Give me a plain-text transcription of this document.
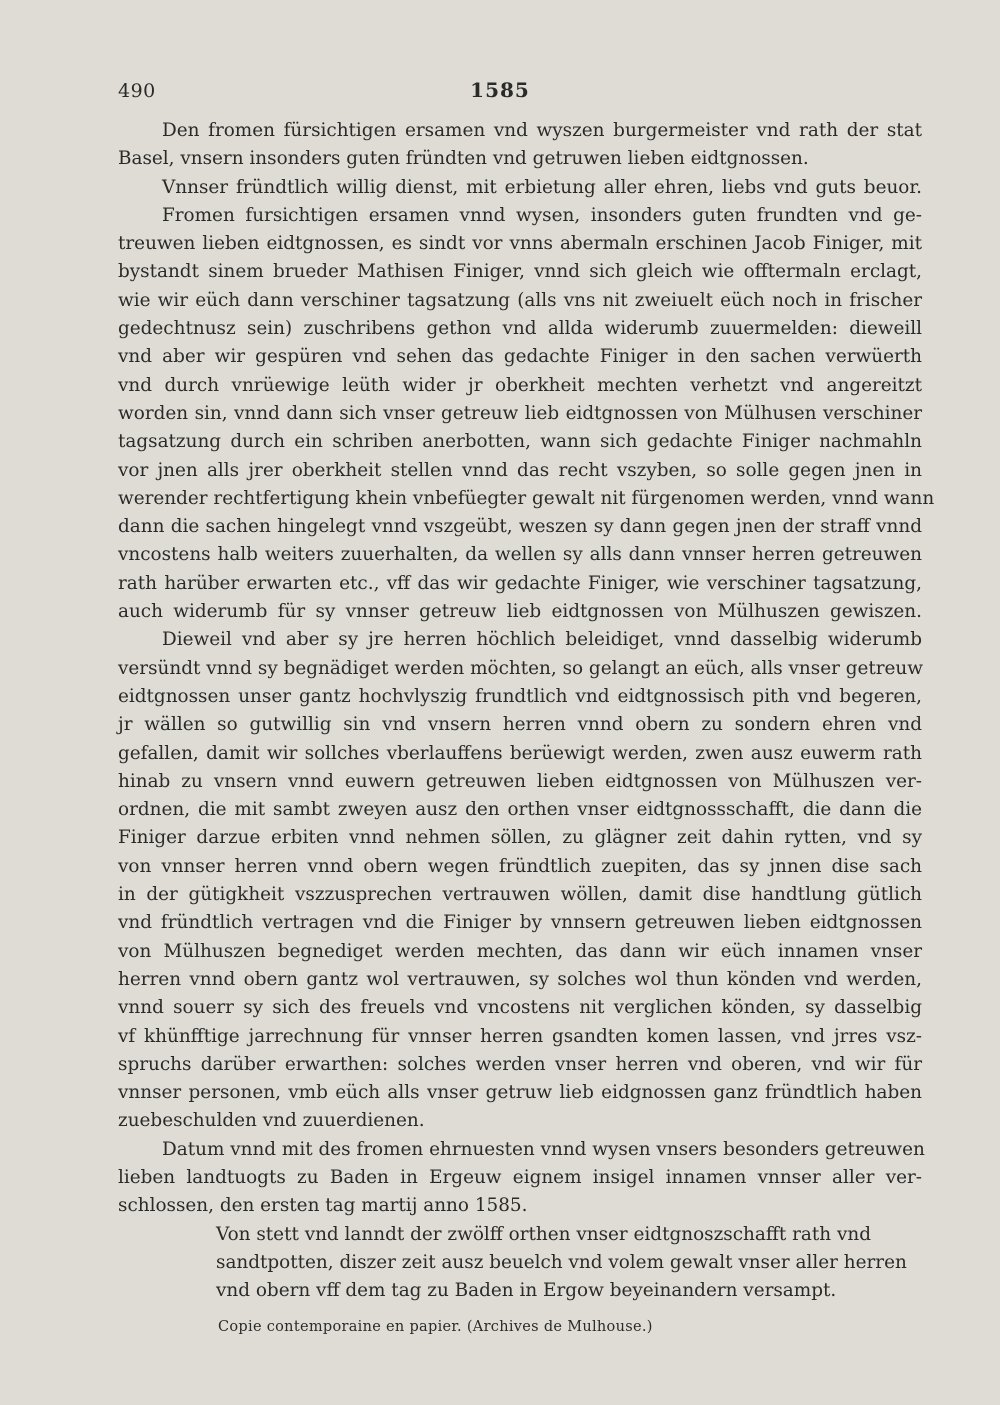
490	1585
Den fromen fürsichtigen ersamen vnd wyszen burgermeister vnd rath der stat
Basel, vnsern insonders guten fründten vnd getruwen lieben eidtgnossen.
Vnnser fründtlich willig dienst, mit erbietung aller ehren, liebs vnd guts beuor.
Fromen fursichtigen ersamen vnnd wysen, insonders guten frundten vnd ge-
treuwen lieben eidtgnossen, es sindt vor vnns abermaln erschinen Jacob Finiger, mit
bystandt sinem brueder Mathisen Finiger, vnnd sich gleich wie offtermaln erclagt,
wie wir eüch dann verschiner tagsatzung (alls vns nit zweiuelt eüch noch in frischer
gedechtnusz sein) zuschribens gethon vnd allda widerumb zuuermelden: dieweill
vnd aber wir gespüren vnd sehen das gedachte Finiger in den sachen verwüerth
vnd durch vnrüewige leüth wider jr oberkheit mechten verhetzt vnd angereitzt
worden sin, vnnd dann sich vnser getreuw lieb eidtgnossen von Mülhusen verschiner
tagsatzung durch ein schriben anerbotten, wann sich gedachte Finiger nachmahln
vor jnen alls jrer oberkheit stellen vnnd das recht vszyben, so solle gegen jnen in
werender rechtfertigung khein vnbefüegter gewalt nit fürgenomen werden, vnnd wann
dann die sachen hingelegt vnnd vszgeübt, weszen sy dann gegen jnen der straff vnnd
vncostens halb weiters zuuerhalten, da wellen sy alls dann vnnser herren getreuwen
rath harüber erwarten etc., vff das wir gedachte Finiger, wie verschiner tagsatzung,
auch widerumb für sy vnnser getreuw lieb eidtgnossen von Mülhuszen gewiszen.
Dieweil vnd aber sy jre herren höchlich beleidiget, vnnd dasselbig widerumb
versündt vnnd sy begnädiget werden möchten, so gelangt an eüch, alls vnser getreuw
eidtgnossen unser gantz hochvlyszig frundtlich vnd eidtgnossisch pith vnd begeren,
jr wällen so gutwillig sin vnd vnsern herren vnnd obern zu sondern ehren vnd
gefallen, damit wir sollches vberlauffens berüewigt werden, zwen ausz euwerm rath
hinab zu vnsern vnnd euwern getreuwen lieben eidtgnossen von Mülhuszen ver-
ordnen, die mit sambt zweyen ausz den orthen vnser eidtgnossschafft, die dann die
Finiger darzue erbiten vnnd nehmen söllen, zu glägner zeit dahin rytten, vnd sy
von vnnser herren vnnd obern wegen fründtlich zuepiten, das sy jnnen dise sach
in der gütigkheit vszzusprechen vertrauwen wöllen, damit dise handtlung gütlich
vnd fründtlich vertragen vnd die Finiger by vnnsern getreuwen lieben eidtgnossen
von Mülhuszen begnediget werden mechten, das dann wir eüch innamen vnser
herren vnnd obern gantz wol vertrauwen, sy solches wol thun könden vnd werden,
vnnd souerr sy sich des freuels vnd vncostens nit verglichen könden, sy dasselbig
vf khünfftige jarrechnung für vnnser herren gsandten komen lassen, vnd jrres vsz-
spruchs darüber erwarthen: solches werden vnser herren vnd oberen, vnd wir für
vnnser personen, vmb eüch alls vnser getruw lieb eidgnossen ganz fründtlich haben
zuebeschulden vnd zuuerdienen.
Datum vnnd mit des fromen ehrnuesten vnnd wysen vnsers besonders getreuwen
lieben landtuogts zu Baden in Ergeuw eignem insigel innamen vnnser aller ver-
schlossen, den ersten tag martij anno 1585.
Von stett vnd lanndt der zwölff orthen vnser eidtgnoszschafft rath vnd
sandtpotten, diszer zeit ausz beuelch vnd volem gewalt vnser aller herren
vnd obern vff dem tag zu Baden in Ergow beyeinandern versampt.
Copie contemporaine en papier. (Archives de Mulhouse.)
